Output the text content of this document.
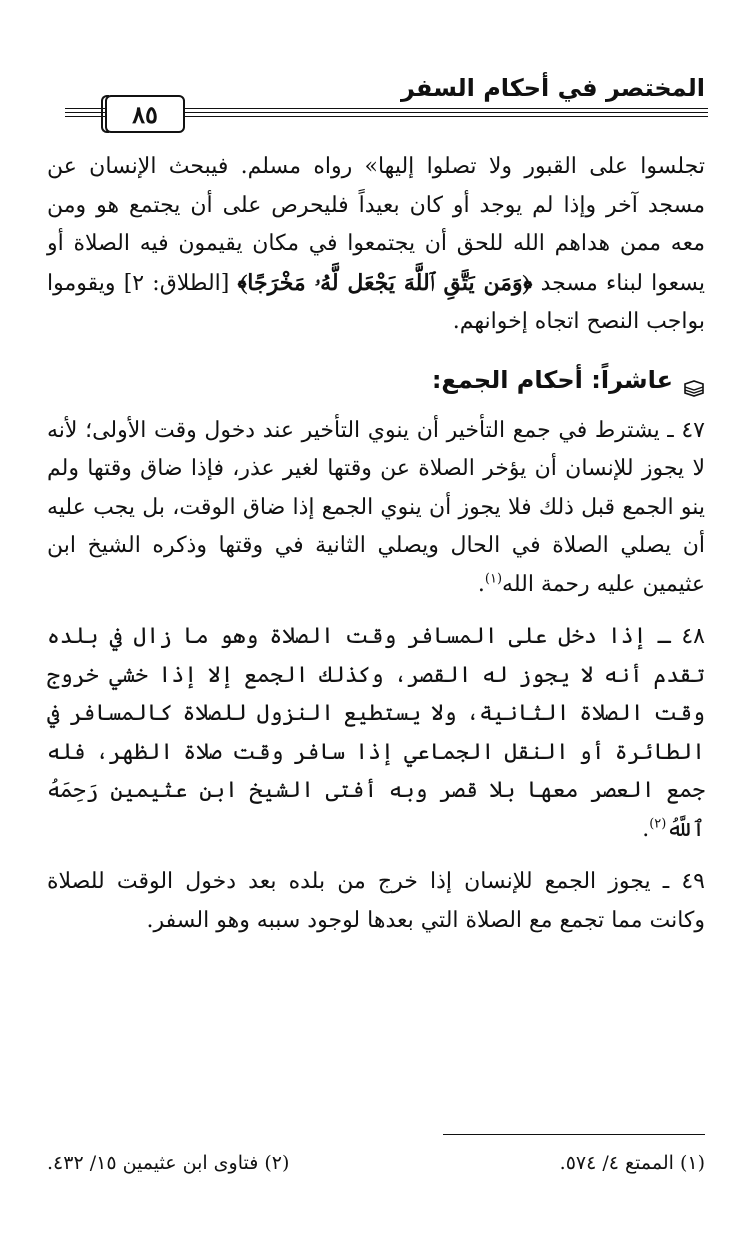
المختصر في أحكام السفر
٨٥

تجلسوا على القبور ولا تصلوا إليها» رواه مسلم. فيبحث الإنسان عن مسجد آخر وإذا لم يوجد أو كان بعيداً فليحرص على أن يجتمع هو ومن معه ممن هداهم الله للحق أن يجتمعوا في مكان يقيمون فيه الصلاة أو يسعوا لبناء مسجد ﴿وَمَن يَتَّقِ ٱللَّهَ يَجْعَل لَّهُۥ مَخْرَجًا﴾ [الطلاق: ٢] ويقوموا بواجب النصح اتجاه إخوانهم.

عاشراً: أحكام الجمع:

٤٧ ـ يشترط في جمع التأخير أن ينوي التأخير عند دخول وقت الأولى؛ لأنه لا يجوز للإنسان أن يؤخر الصلاة عن وقتها لغير عذر، فإذا ضاق وقتها ولم ينو الجمع قبل ذلك فلا يجوز أن ينوي الجمع إذا ضاق الوقت، بل يجب عليه أن يصلي الصلاة في الحال ويصلي الثانية في وقتها وذكره الشيخ ابن عثيمين عليه رحمة الله$^{(١)}$.

٤٨ ـ إذا دخل على المسافر وقت الصلاة وهو ما زال في بلده تقدم أنه لا يجوز له القصر، وكذلك الجمع إلا إذا خشي خروج وقت الصلاة الثانية، ولا يستطيع النزول للصلاة كالمسافر في الطائرة أو النقل الجماعي إذا سافر وقت صلاة الظهر، فله جمع العصر معها بلا قصر وبه أفتى الشيخ ابن عثيمين رَحِمَهُ ٱللَّهُ$^{(٢)}$.

٤٩ ـ يجوز الجمع للإنسان إذا خرج من بلده بعد دخول الوقت للصلاة وكانت مما تجمع مع الصلاة التي بعدها لوجود سببه وهو السفر.

(١) الممتع ٤/ ٥٧٤.
(٢) فتاوى ابن عثيمين ١٥/ ٤٣٢.
